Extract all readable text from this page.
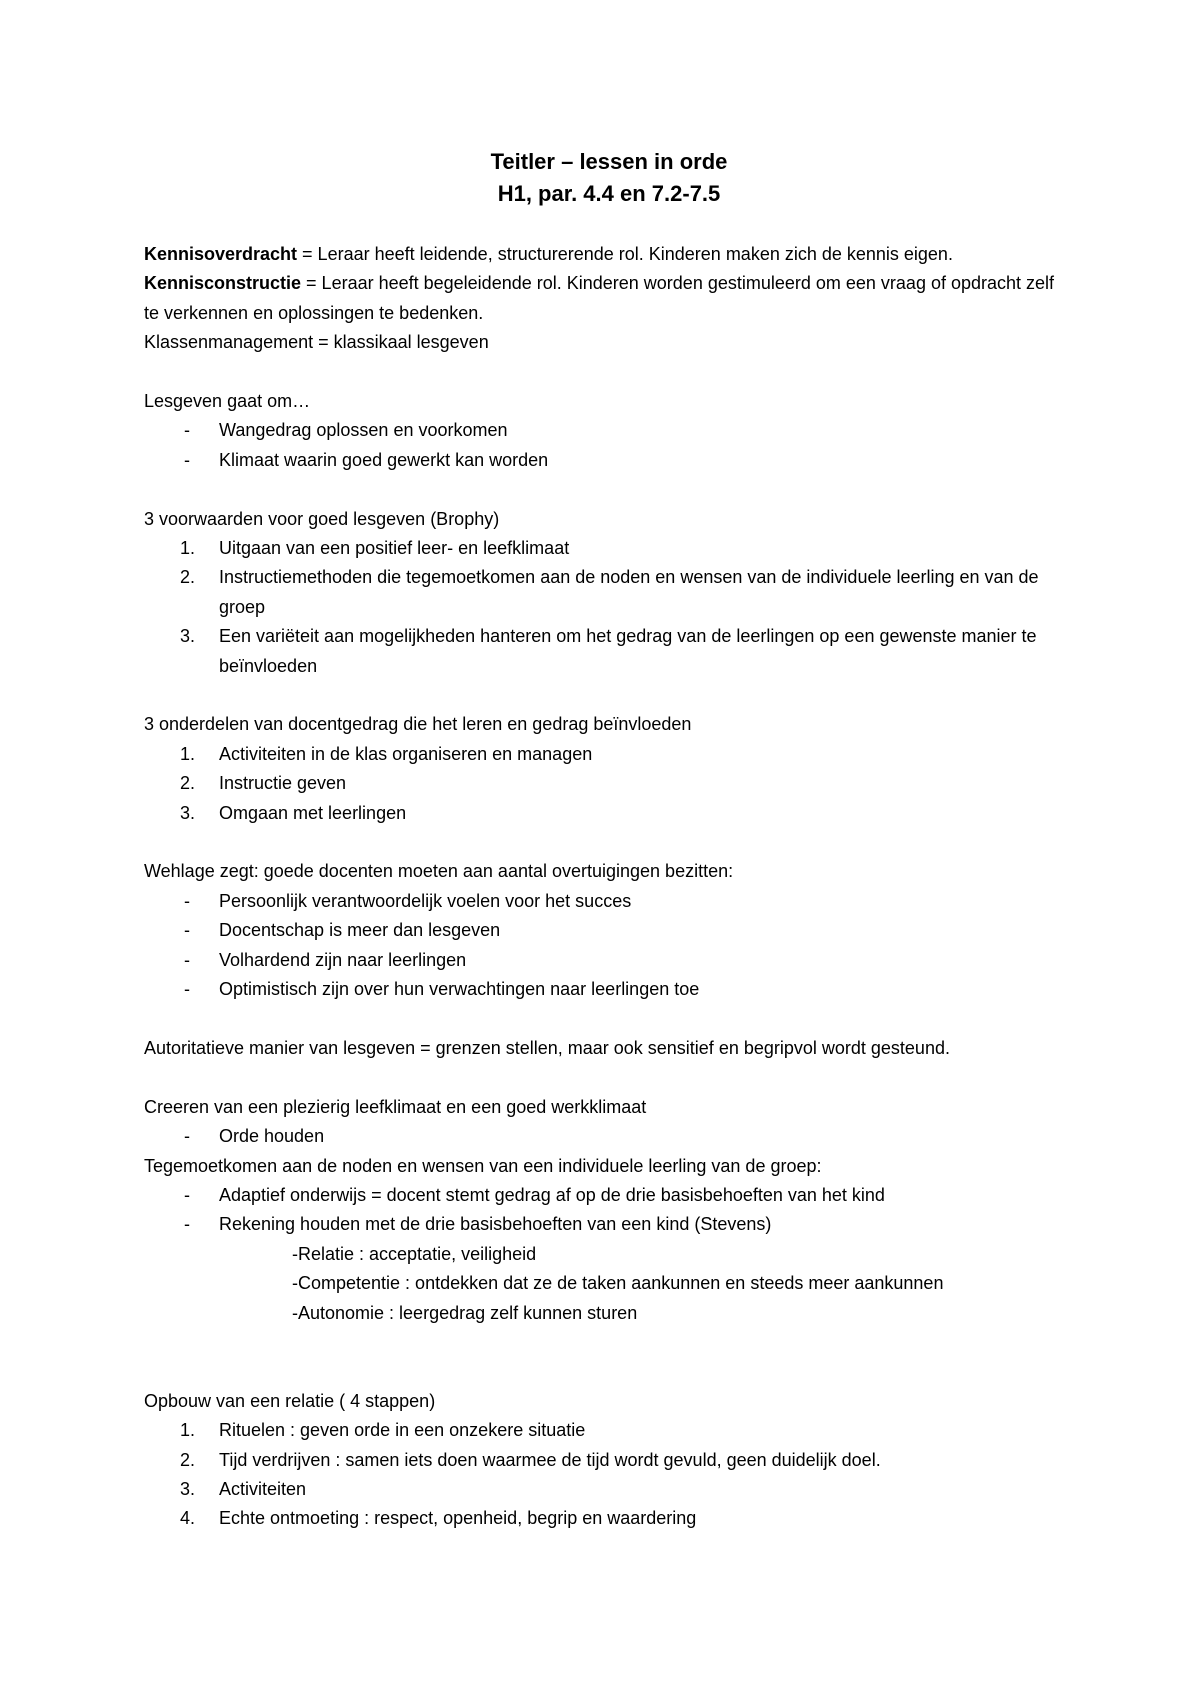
Teitler – lessen in orde
H1, par. 4.4 en 7.2-7.5

Kennisoverdracht = Leraar heeft leidende, structurerende rol. Kinderen maken zich de kennis eigen.

Kennisconstructie = Leraar heeft begeleidende rol. Kinderen worden gestimuleerd om een vraag of opdracht zelf te verkennen en oplossingen te bedenken.

Klassenmanagement = klassikaal lesgeven

Lesgeven gaat om…

- Wangedrag oplossen en voorkomen
- Klimaat waarin goed gewerkt kan worden

3 voorwaarden voor goed lesgeven (Brophy)

1.	Uitgaan van een positief leer- en leefklimaat
2.	Instructiemethoden die tegemoetkomen aan de noden en wensen van de individuele leerling en van de groep
3.	Een variëteit aan mogelijkheden hanteren om het gedrag van de leerlingen op een gewenste manier te beïnvloeden

3 onderdelen van docentgedrag die het leren en gedrag beïnvloeden

1.	Activiteiten in de klas organiseren en managen
2.	Instructie geven
3.	Omgaan met leerlingen

Wehlage zegt: goede docenten moeten aan aantal overtuigingen bezitten:

- Persoonlijk verantwoordelijk voelen voor het succes
- Docentschap is meer dan lesgeven
- Volhardend zijn naar leerlingen
- Optimistisch zijn over hun verwachtingen naar leerlingen toe

Autoritatieve manier van lesgeven = grenzen stellen, maar ook sensitief en begripvol wordt gesteund.

Creeren van een plezierig leefklimaat en een goed werkklimaat

- Orde houden

Tegemoetkomen aan de noden en wensen van een individuele leerling van de groep:

- Adaptief onderwijs = docent stemt gedrag af op de drie basisbehoeften van het kind
- Rekening houden met de drie basisbehoeften van een kind (Stevens)

-Relatie : acceptatie, veiligheid

-Competentie : ontdekken dat ze de taken aankunnen en steeds meer aankunnen

-Autonomie : leergedrag zelf kunnen sturen

Opbouw van een relatie ( 4 stappen)

1.	Rituelen : geven orde in een onzekere situatie
2.	Tijd verdrijven : samen iets doen waarmee de tijd wordt gevuld, geen duidelijk doel.
3.	Activiteiten
4.	Echte ontmoeting : respect, openheid, begrip en waardering
